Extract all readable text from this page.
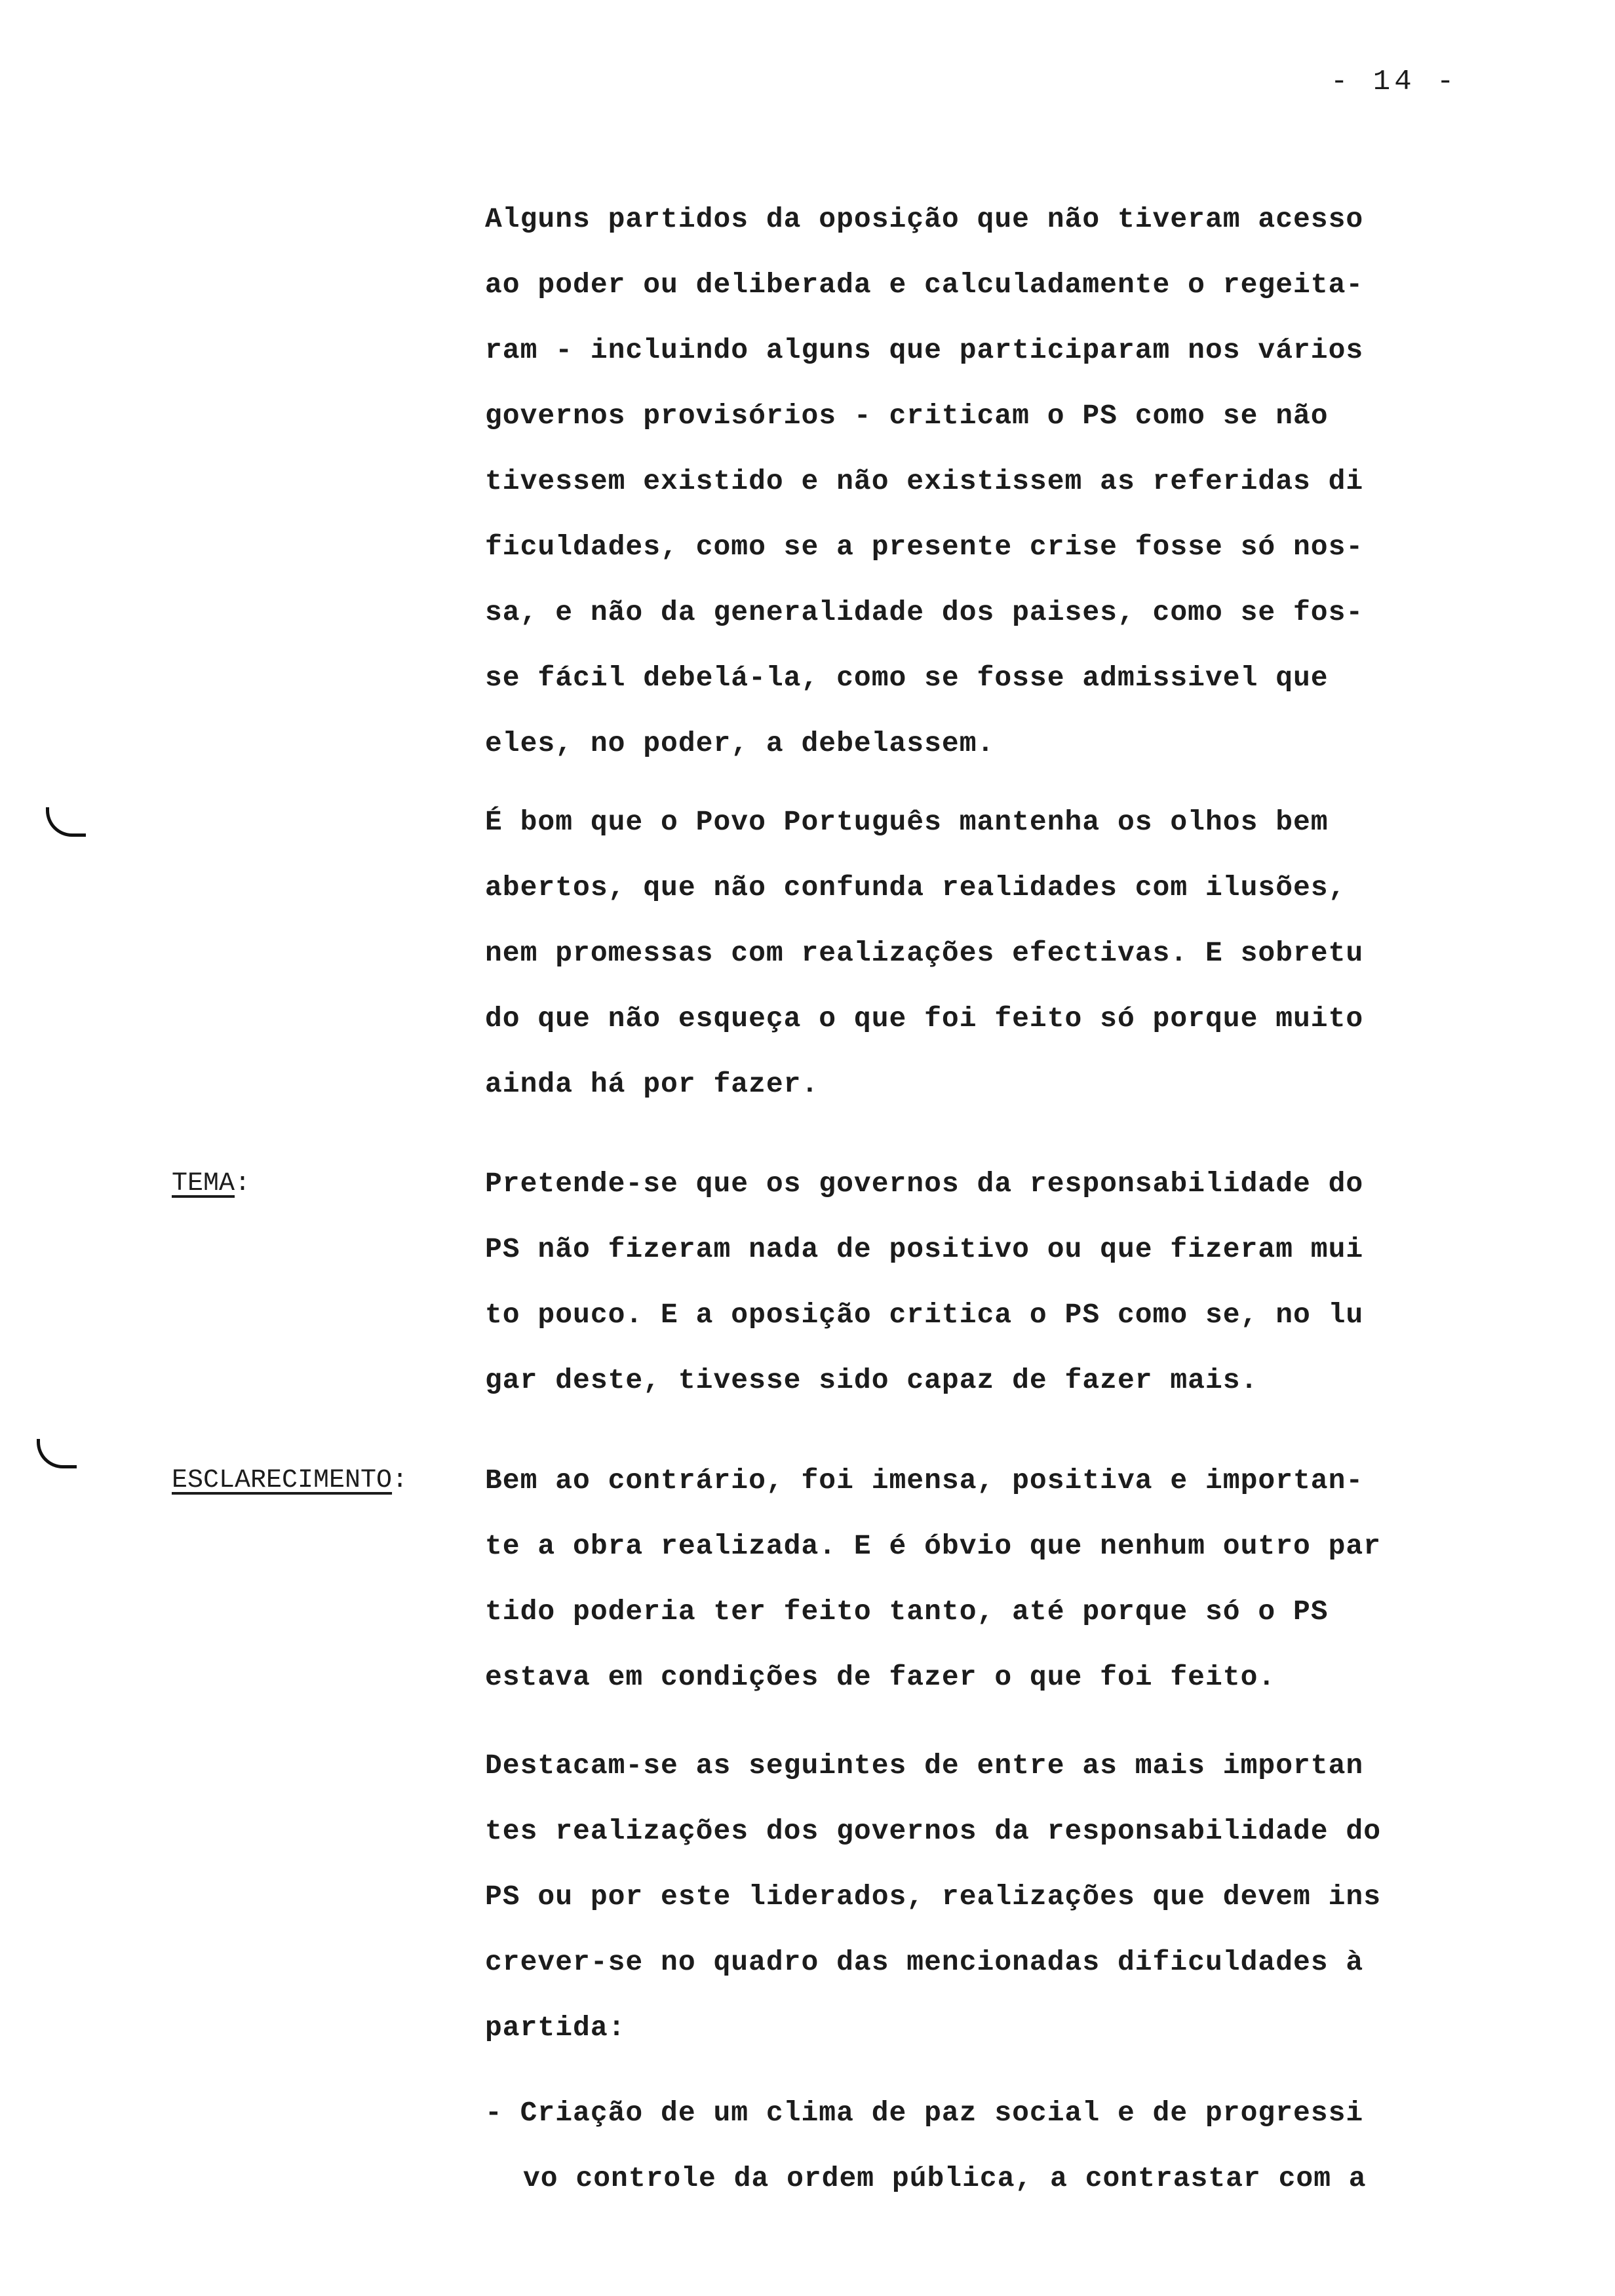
- 14 -
Alguns partidos da oposição que não tiveram acesso
ao poder ou deliberada e calculadamente o regeita-
ram - incluindo alguns que participaram nos vários
governos provisórios - criticam o PS como se não
tivessem existido e não existissem as referidas di
ficuldades, como se a presente crise fosse só nos-
sa, e não da generalidade dos paises, como se fos-
se fácil debelá-la, como se fosse admissivel que
eles, no poder, a debelassem.
É bom que o Povo Português mantenha os olhos bem
abertos, que não confunda realidades com ilusões,
nem promessas com realizações efectivas. E sobretu
do que não esqueça o que foi feito só porque muito
ainda há por fazer.
TEMA:	Pretende-se que os governos da responsabilidade do
PS não fizeram nada de positivo ou que fizeram mui
to pouco. E a oposição critica o PS como se, no lu
gar deste, tivesse sido capaz de fazer mais.
ESCLARECIMENTO:	Bem ao contrário, foi imensa, positiva e importan-
te a obra realizada. E é óbvio que nenhum outro par
tido poderia ter feito tanto, até porque só o PS
estava em condições de fazer o que foi feito.
Destacam-se as seguintes de entre as mais importan
tes realizações dos governos da responsabilidade do
PS ou por este liderados, realizações que devem ins
crever-se no quadro das mencionadas dificuldades à
partida:
- Criação de um clima de paz social e de progressi
vo controle da ordem pública, a contrastar com a
